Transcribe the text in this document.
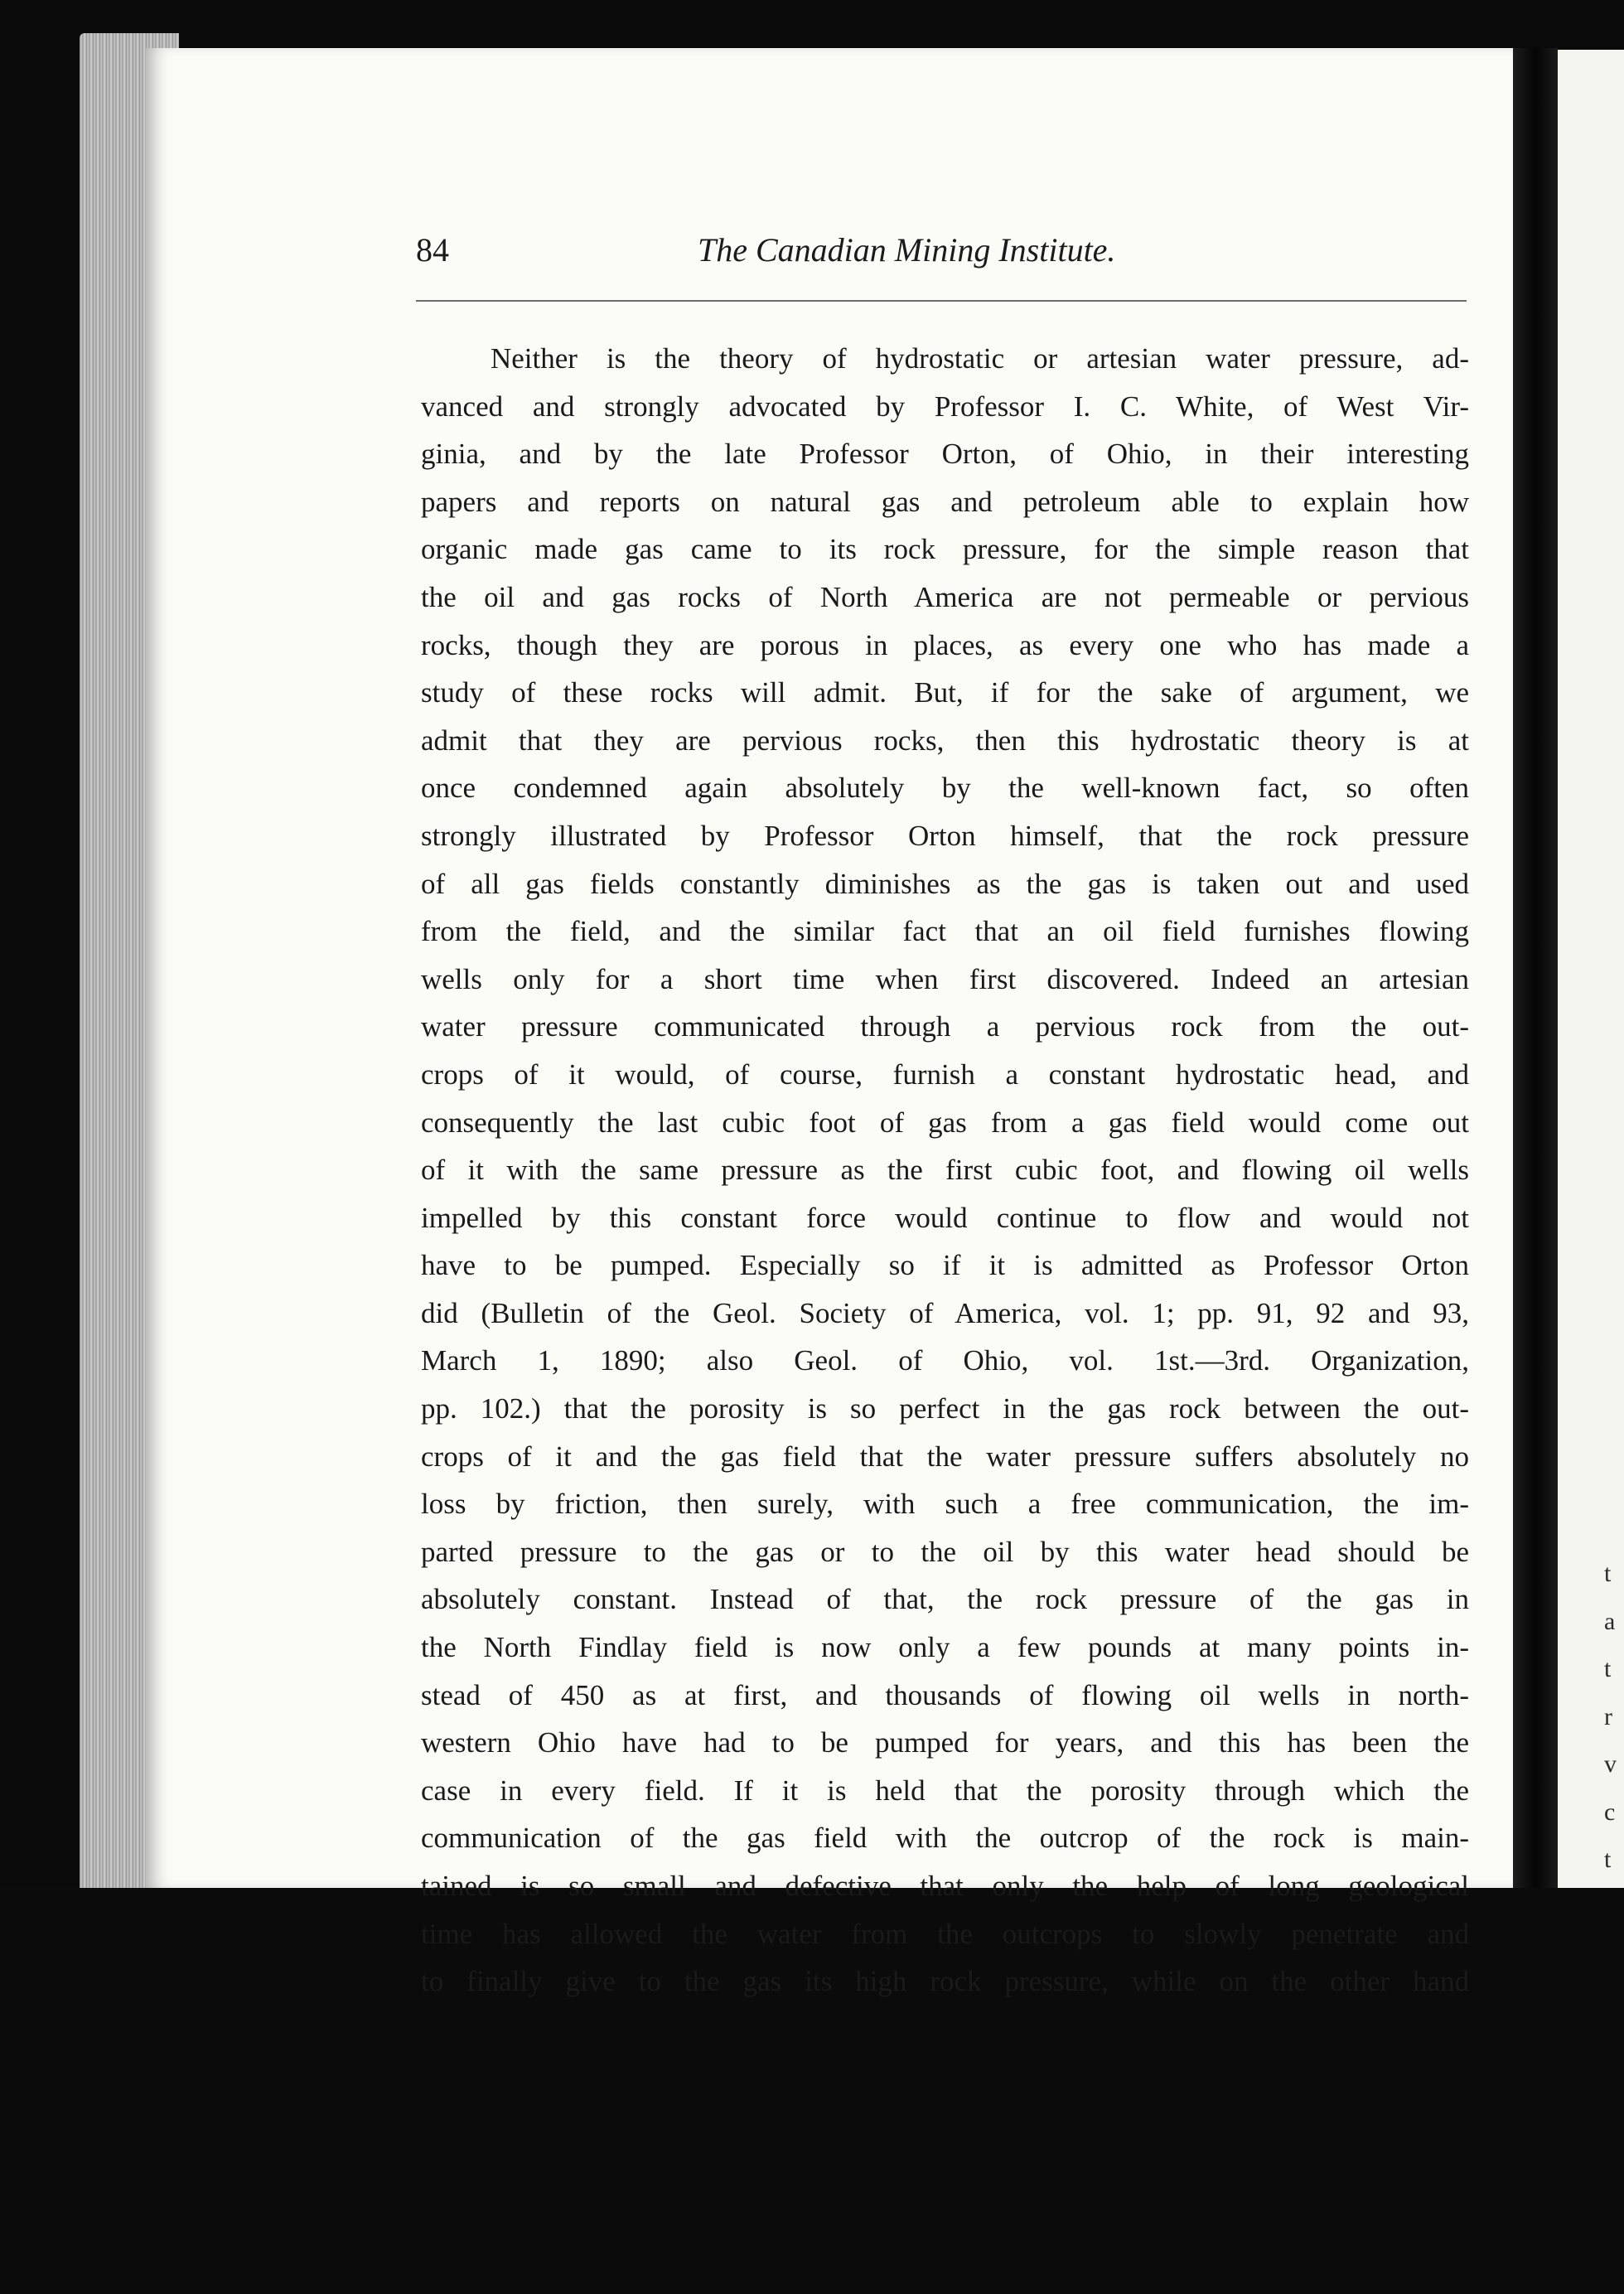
t
a
t
r
v
c
t
84	The Canadian Mining Institute.
Neither is the theory of hydrostatic or artesian water pressure, ad-
vanced and strongly advocated by Professor I. C. White, of West Vir-
ginia, and by the late Professor Orton, of Ohio, in their interesting
papers and reports on natural gas and petroleum able to explain how
organic made gas came to its rock pressure, for the simple reason that
the oil and gas rocks of North America are not permeable or pervious
rocks, though they are porous in places, as every one who has made a
study of these rocks will admit. But, if for the sake of argument, we
admit that they are pervious rocks, then this hydrostatic theory is at
once condemned again absolutely by the well-known fact, so often
strongly illustrated by Professor Orton himself, that the rock pressure
of all gas fields constantly diminishes as the gas is taken out and used
from the field, and the similar fact that an oil field furnishes flowing
wells only for a short time when first discovered. Indeed an artesian
water pressure communicated through a pervious rock from the out-
crops of it would, of course, furnish a constant hydrostatic head, and
consequently the last cubic foot of gas from a gas field would come out
of it with the same pressure as the first cubic foot, and flowing oil wells
impelled by this constant force would continue to flow and would not
have to be pumped. Especially so if it is admitted as Professor Orton
did (Bulletin of the Geol. Society of America, vol. 1; pp. 91, 92 and 93,
March 1, 1890; also Geol. of Ohio, vol. 1st.—3rd. Organization,
pp. 102.) that the porosity is so perfect in the gas rock between the out-
crops of it and the gas field that the water pressure suffers absolutely no
loss by friction, then surely, with such a free communication, the im-
parted pressure to the gas or to the oil by this water head should be
absolutely constant. Instead of that, the rock pressure of the gas in
the North Findlay field is now only a few pounds at many points in-
stead of 450 as at first, and thousands of flowing oil wells in north-
western Ohio have had to be pumped for years, and this has been the
case in every field. If it is held that the porosity through which the
communication of the gas field with the outcrop of the rock is main-
tained is so small and defective that only the help of long geological
time has allowed the water from the outcrops to slowly penetrate and
to finally give to the gas its high rock pressure, while on the other hand
